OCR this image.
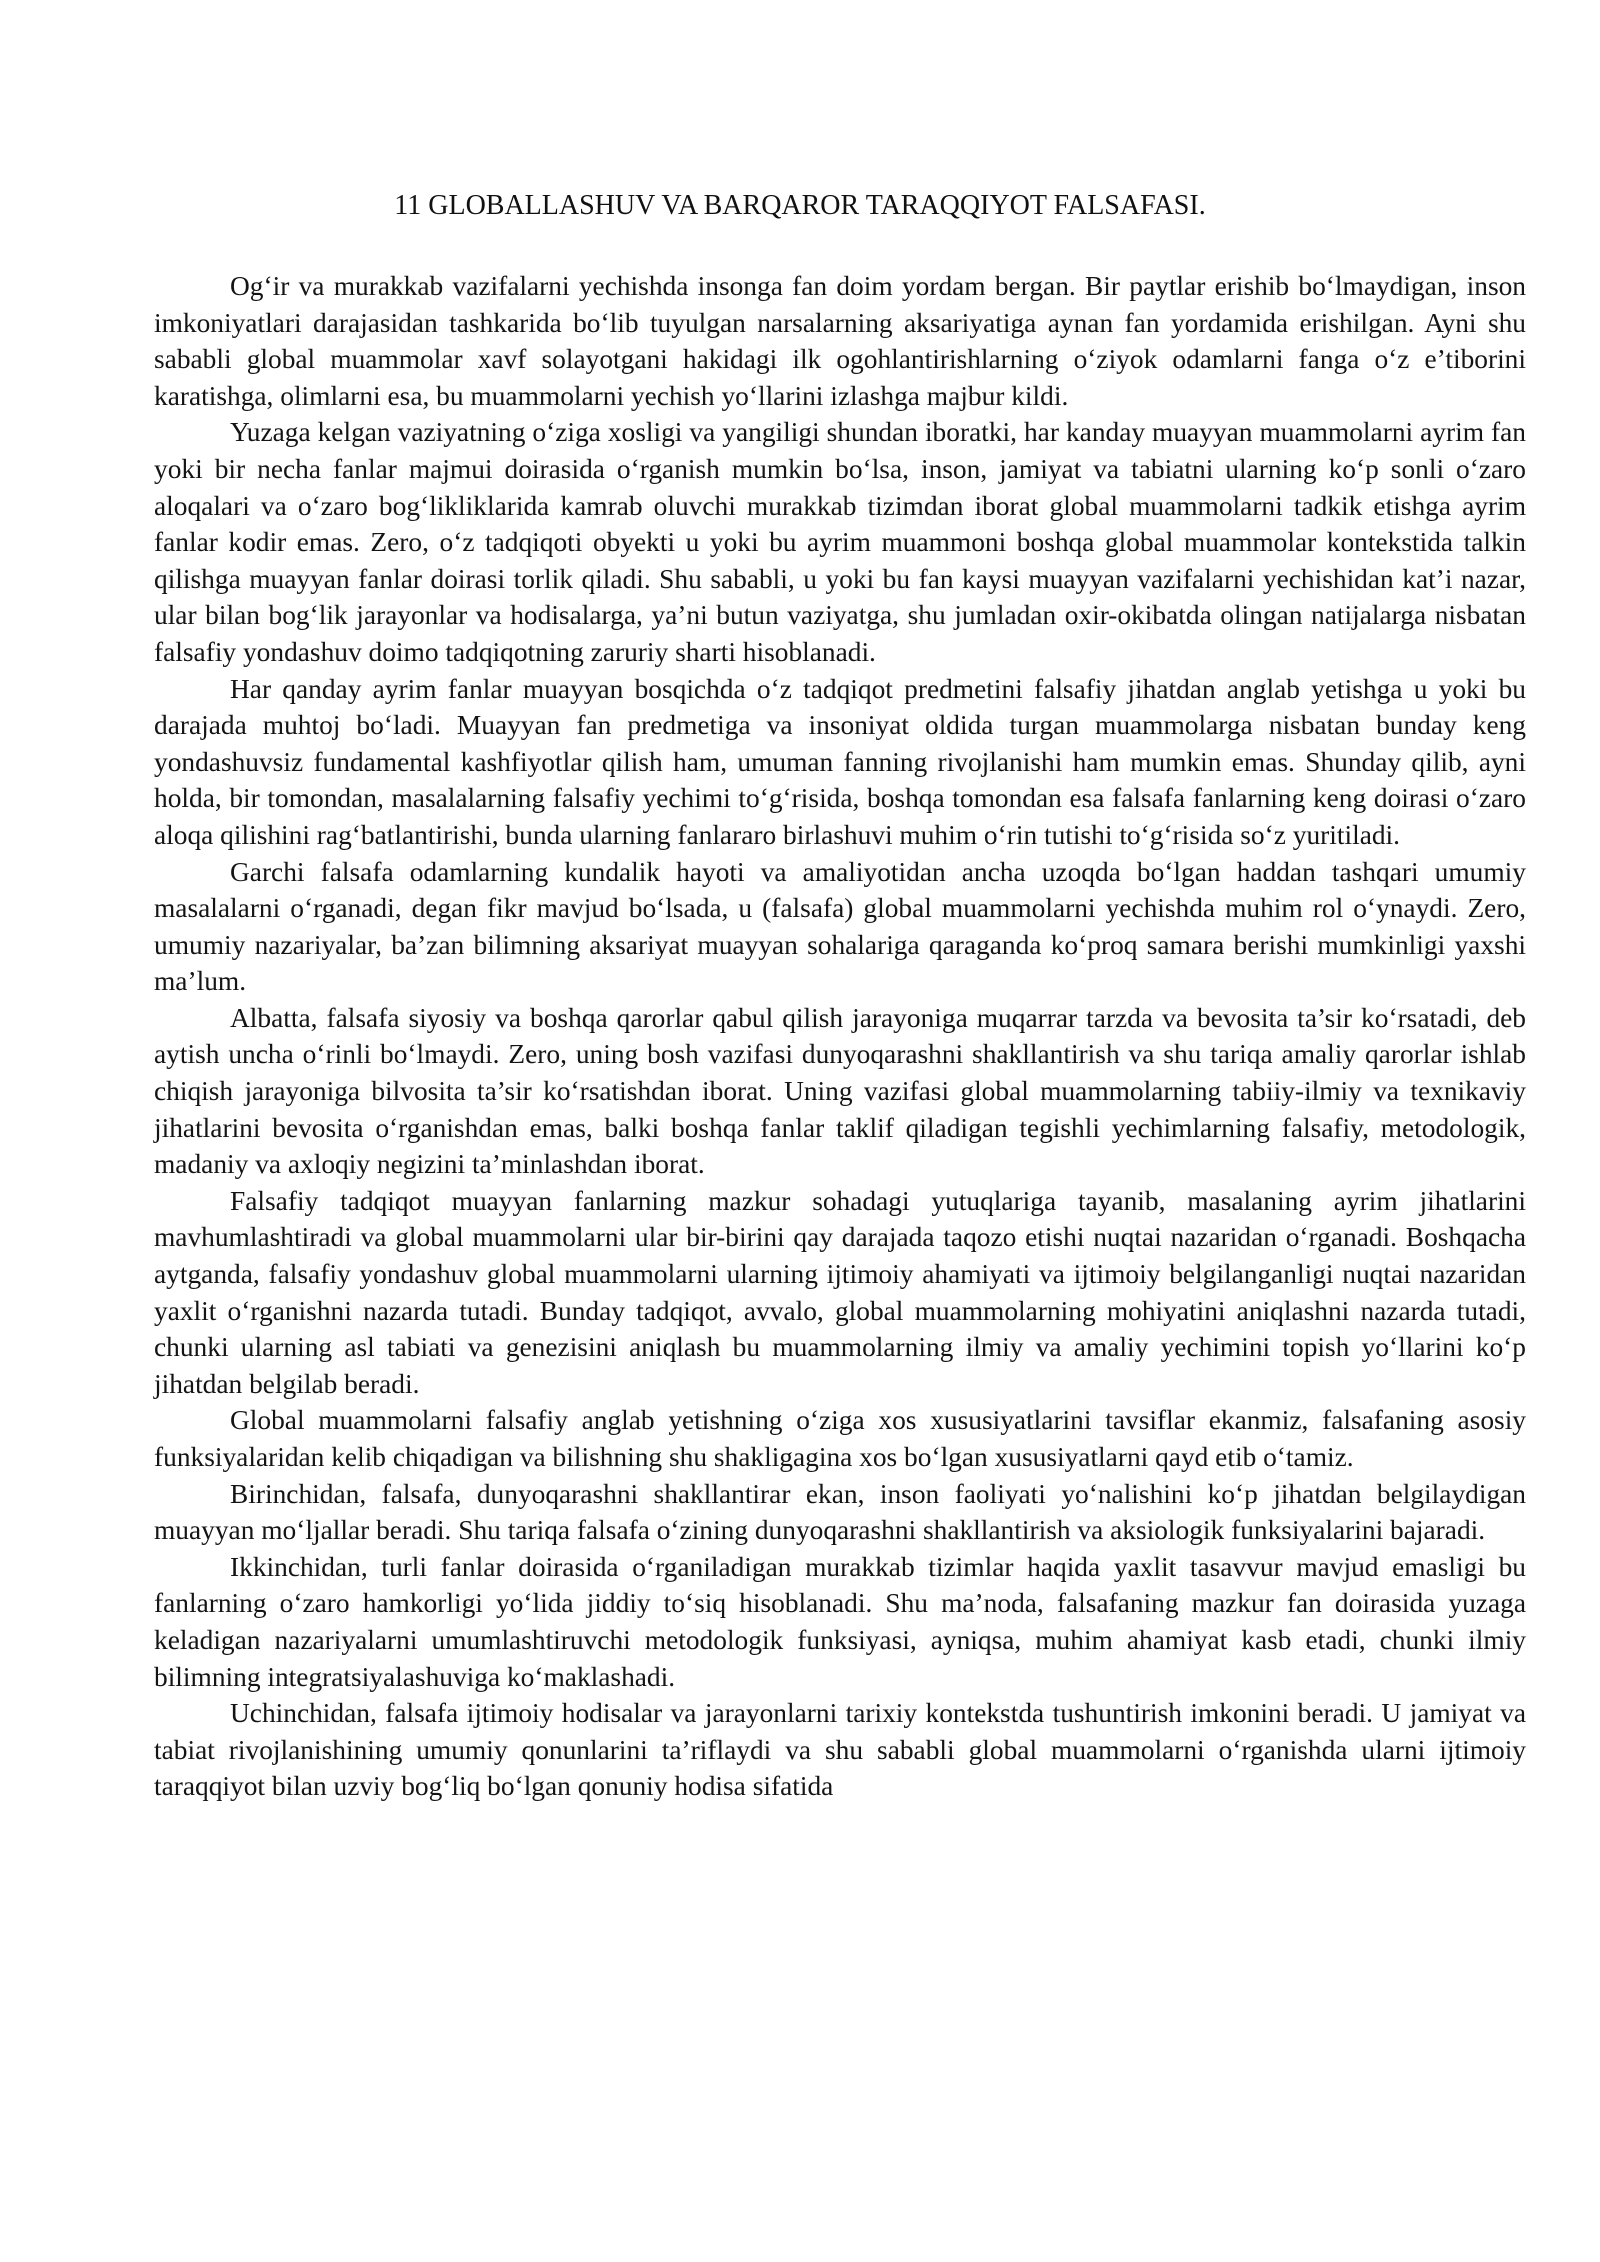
11 GLOBALLASHUV VA BARQAROR TARAQQIYOT FALSAFASI.

Og‘ir va murakkab vazifalarni yechishda insonga fan doim yordam bergan. Bir paytlar erishib bo‘lmaydigan, inson imkoniyatlari darajasidan tashkarida bo‘lib tuyulgan narsalarning aksariyatiga aynan fan yordamida erishilgan. Ayni shu sababli global muammolar xavf solayotgani hakidagi ilk ogohlantirishlarning o‘ziyok odamlarni fanga o‘z e’tiborini karatishga, olimlarni esa, bu muammolarni yechish yo‘llarini izlashga majbur kildi.

Yuzaga kelgan vaziyatning o‘ziga xosligi va yangiligi shundan iboratki, har kanday muayyan muammolarni ayrim fan yoki bir necha fanlar majmui doirasida o‘rganish mumkin bo‘lsa, inson, jamiyat va tabiatni ularning ko‘p sonli o‘zaro aloqalari va o‘zaro bog‘likliklarida kamrab oluvchi murakkab tizimdan iborat global muammolarni tadkik etishga ayrim fanlar kodir emas. Zero, o‘z tadqiqoti obyekti u yoki bu ayrim muammoni boshqa global muammolar kontekstida talkin qilishga muayyan fanlar doirasi torlik qiladi. Shu sababli, u yoki bu fan kaysi muayyan vazifalarni yechishidan kat’i nazar, ular bilan bog‘lik jarayonlar va hodisalarga, ya’ni butun vaziyatga, shu jumladan oxir-okibatda olingan natijalarga nisbatan falsafiy yondashuv doimo tadqiqotning zaruriy sharti hisoblanadi.

Har qanday ayrim fanlar muayyan bosqichda o‘z tadqiqot predmetini falsafiy jihatdan anglab yetishga u yoki bu darajada muhtoj bo‘ladi. Muayyan fan predmetiga va insoniyat oldida turgan muammolarga nisbatan bunday keng yondashuvsiz fundamental kashfiyotlar qilish ham, umuman fanning rivojlanishi ham mumkin emas. Shunday qilib, ayni holda, bir tomondan, masalalarning falsafiy yechimi to‘g‘risida, boshqa tomondan esa falsafa fanlarning keng doirasi o‘zaro aloqa qilishini rag‘batlantirishi, bunda ularning fanlararo birlashuvi muhim o‘rin tutishi to‘g‘risida so‘z yuritiladi.

Garchi falsafa odamlarning kundalik hayoti va amaliyotidan ancha uzoqda bo‘lgan haddan tashqari umumiy masalalarni o‘rganadi, degan fikr mavjud bo‘lsada, u (falsafa) global muammolarni yechishda muhim rol o‘ynaydi. Zero, umumiy nazariyalar, ba’zan bilimning aksariyat muayyan sohalariga qaraganda ko‘proq samara berishi mumkinligi yaxshi ma’lum.

Albatta, falsafa siyosiy va boshqa qarorlar qabul qilish jarayoniga muqarrar tarzda va bevosita ta’sir ko‘rsatadi, deb aytish uncha o‘rinli bo‘lmaydi. Zero, uning bosh vazifasi dunyoqarashni shakllantirish va shu tariqa amaliy qarorlar ishlab chiqish jarayoniga bilvosita ta’sir ko‘rsatishdan iborat. Uning vazifasi global muammolarning tabiiy-ilmiy va texnikaviy jihatlarini bevosita o‘rganishdan emas, balki boshqa fanlar taklif qiladigan tegishli yechimlarning falsafiy, metodologik, madaniy va axloqiy negizini ta’minlashdan iborat.

Falsafiy tadqiqot muayyan fanlarning mazkur sohadagi yutuqlariga tayanib, masalaning ayrim jihatlarini mavhumlashtiradi va global muammolarni ular bir-birini qay darajada taqozo etishi nuqtai nazaridan o‘rganadi. Boshqacha aytganda, falsafiy yondashuv global muammolarni ularning ijtimoiy ahamiyati va ijtimoiy belgilanganligi nuqtai nazaridan yaxlit o‘rganishni nazarda tutadi. Bunday tadqiqot, avvalo, global muammolarning mohiyatini aniqlashni nazarda tutadi, chunki ularning asl tabiati va genezisini aniqlash bu muammolarning ilmiy va amaliy yechimini topish yo‘llarini ko‘p jihatdan belgilab beradi.

Global muammolarni falsafiy anglab yetishning o‘ziga xos xususiyatlarini tavsiflar ekanmiz, falsafaning asosiy funksiyalaridan kelib chiqadigan va bilishning shu shakligagina xos bo‘lgan xususiyatlarni qayd etib o‘tamiz.

Birinchidan, falsafa, dunyoqarashni shakllantirar ekan, inson faoliyati yo‘nalishini ko‘p jihatdan belgilaydigan muayyan mo‘ljallar beradi. Shu tariqa falsafa o‘zining dunyoqarashni shakllantirish va aksiologik funksiyalarini bajaradi.

Ikkinchidan, turli fanlar doirasida o‘rganiladigan murakkab tizimlar haqida yaxlit tasavvur mavjud emasligi bu fanlarning o‘zaro hamkorligi yo‘lida jiddiy to‘siq hisoblanadi. Shu ma’noda, falsafaning mazkur fan doirasida yuzaga keladigan nazariyalarni umumlashtiruvchi metodologik funksiyasi, ayniqsa, muhim ahamiyat kasb etadi, chunki ilmiy bilimning integratsiyalashuviga ko‘maklashadi.

Uchinchidan, falsafa ijtimoiy hodisalar va jarayonlarni tarixiy kontekstda tushuntirish imkonini beradi. U jamiyat va tabiat rivojlanishining umumiy qonunlarini ta’riflaydi va shu sababli global muammolarni o‘rganishda ularni ijtimoiy taraqqiyot bilan uzviy bog‘liq bo‘lgan qonuniy hodisa sifatida
